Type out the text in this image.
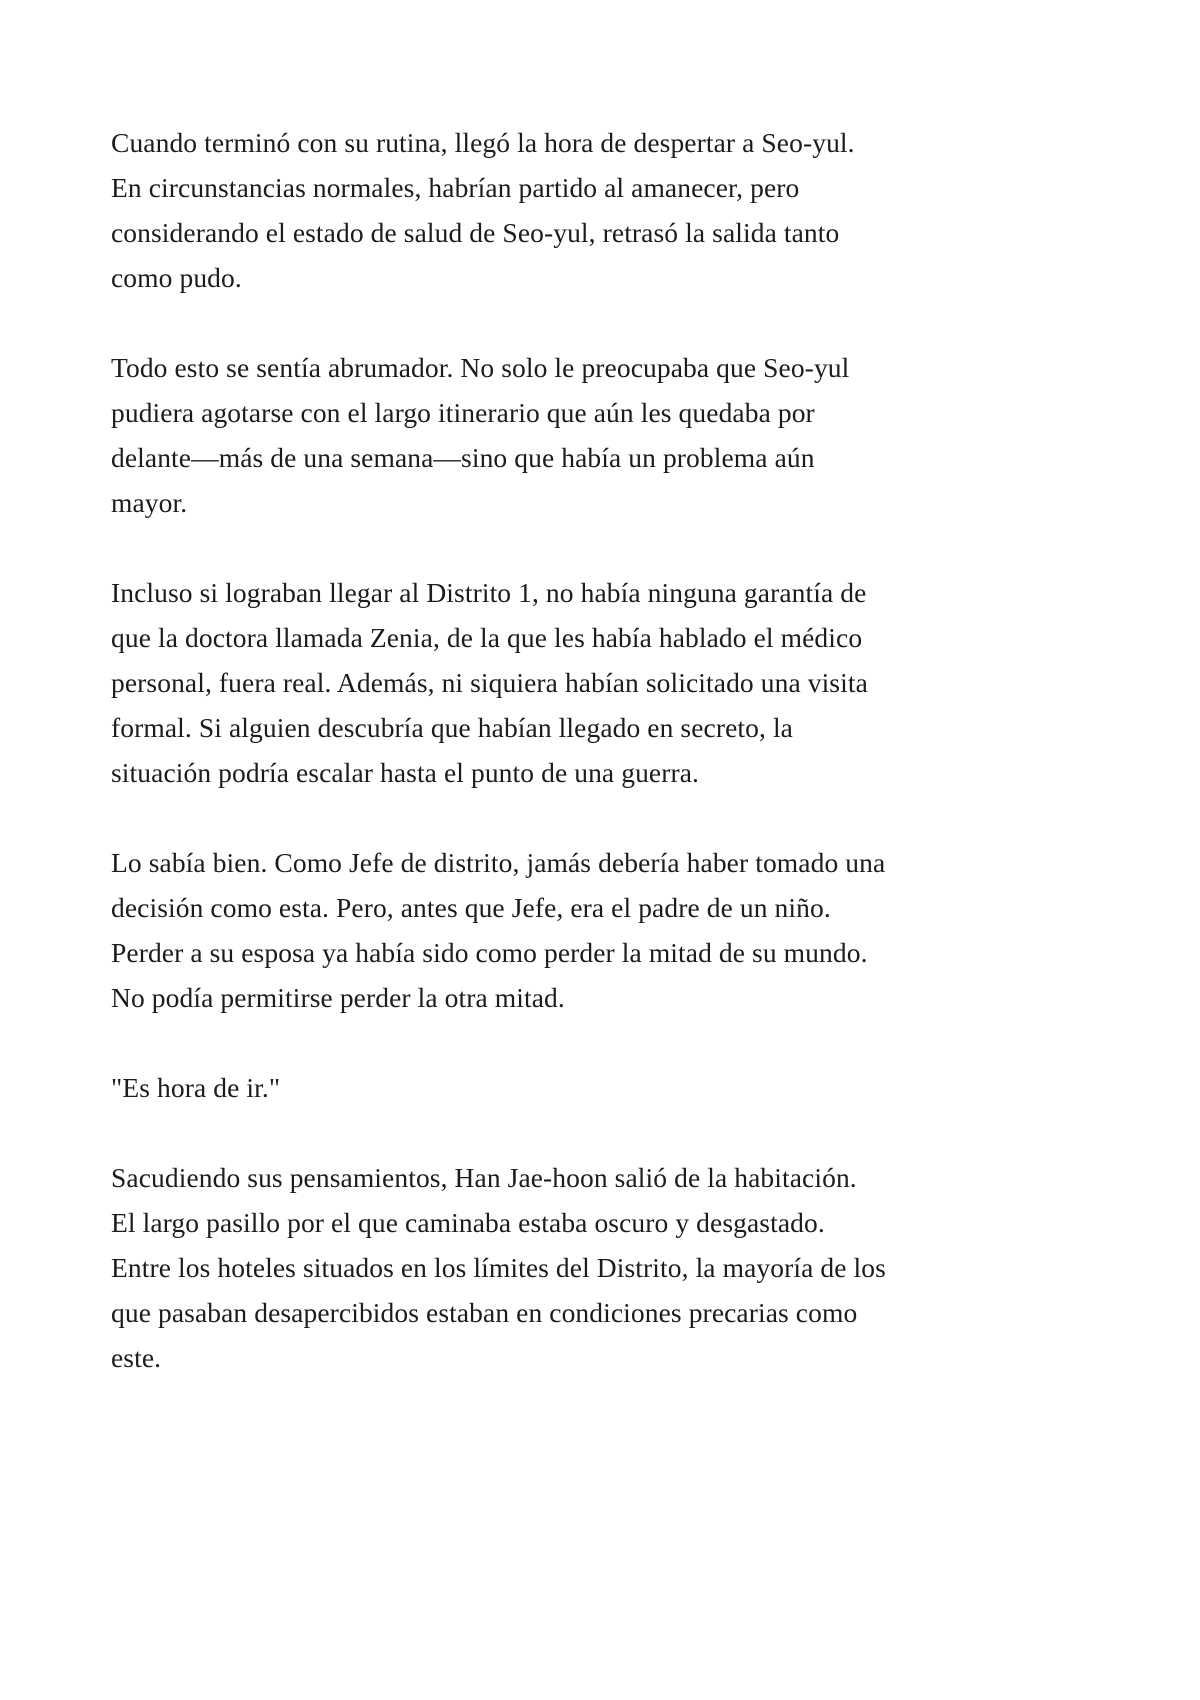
Cuando terminó con su rutina, llegó la hora de despertar a Seo-yul.
En circunstancias normales, habrían partido al amanecer, pero
considerando el estado de salud de Seo-yul, retrasó la salida tanto
como pudo.

Todo esto se sentía abrumador. No solo le preocupaba que Seo-yul
pudiera agotarse con el largo itinerario que aún les quedaba por
delante—más de una semana—sino que había un problema aún
mayor.

Incluso si lograban llegar al Distrito 1, no había ninguna garantía de
que la doctora llamada Zenia, de la que les había hablado el médico
personal, fuera real. Además, ni siquiera habían solicitado una visita
formal. Si alguien descubría que habían llegado en secreto, la
situación podría escalar hasta el punto de una guerra.

Lo sabía bien. Como Jefe de distrito, jamás debería haber tomado una
decisión como esta. Pero, antes que Jefe, era el padre de un niño.
Perder a su esposa ya había sido como perder la mitad de su mundo.
No podía permitirse perder la otra mitad.

"Es hora de ir."

Sacudiendo sus pensamientos, Han Jae-hoon salió de la habitación.
El largo pasillo por el que caminaba estaba oscuro y desgastado.
Entre los hoteles situados en los límites del Distrito, la mayoría de los
que pasaban desapercibidos estaban en condiciones precarias como
este.
